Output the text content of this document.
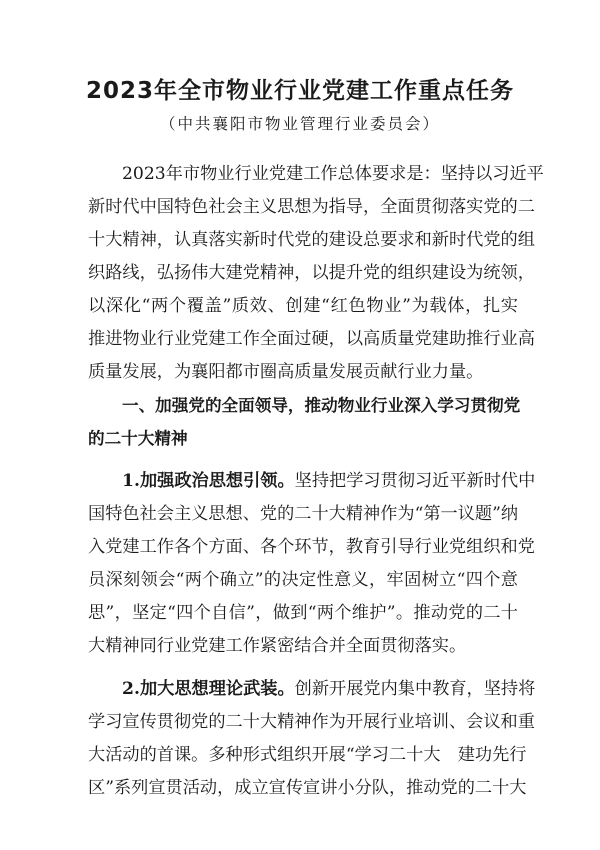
2023年全市物业行业党建工作重点任务
（中共襄阳市物业管理行业委员会）
2023年市物业行业党建工作总体要求是：坚持以习近平
新时代中国特色社会主义思想为指导，全面贯彻落实党的二
十大精神，认真落实新时代党的建设总要求和新时代党的组
织路线，弘扬伟大建党精神，以提升党的组织建设为统领，
以深化“两个覆盖”质效、创建“红色物业”为载体，扎实
推进物业行业党建工作全面过硬，以高质量党建助推行业高
质量发展，为襄阳都市圈高质量发展贡献行业力量。
一、加强党的全面领导，推动物业行业深入学习贯彻党
的二十大精神
1.加强政治思想引领。坚持把学习贯彻习近平新时代中
国特色社会主义思想、党的二十大精神作为“第一议题”纳
入党建工作各个方面、各个环节，教育引导行业党组织和党
员深刻领会“两个确立”的决定性意义，牢固树立“四个意
思”，坚定“四个自信”，做到“两个维护”。推动党的二十
大精神同行业党建工作紧密结合并全面贯彻落实。
2.加大思想理论武装。创新开展党内集中教育，坚持将
学习宣传贯彻党的二十大精神作为开展行业培训、会议和重
大活动的首课。多种形式组织开展“学习二十大　建功先行
区”系列宣贯活动，成立宣传宣讲小分队，推动党的二十大
